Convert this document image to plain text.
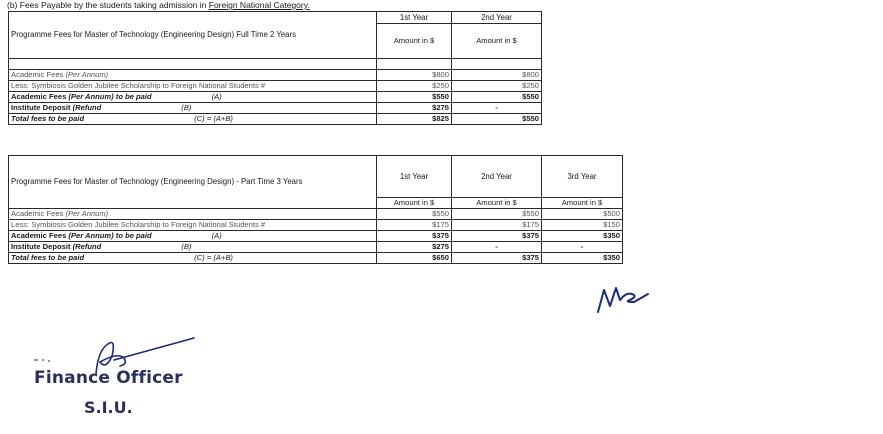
(b) Fees Payable by the students taking admission in Foreign National Category.
Programme Fees for Master of Technology (Engineering Design) Full Time 2 Years	1st Year	2nd Year
	Amount in $	Amount in $

Academic Fees (Per Annum)	$800	$800
Less: Symbiosis Golden Jubilee Scholarship to Foreign National Students #	$250	$250
Academic Fees (Per Annum) to be paid (A)	$550	$550
Institute Deposit (Refund (B)	$275	-
Total fees to be paid (C) = (A+B)	$825	$550
Programme Fees for Master of Technology (Engineering Design) - Part Time 3 Years	1st Year	2nd Year	3rd Year
	Amount in $	Amount in $	Amount in $
Academic Fees (Per Annum)	$550	$550	$500
Less: Symbiosis Golden Jubilee Scholarship to Foreign National Students #	$175	$175	$150
Academic Fees (Per Annum) to be paid (A)	$375	$375	$350
Institute Deposit (Refund (B)	$275	-	-
Total fees to be paid (C) = (A+B)	$650	$375	$350
Finance Officer
S.I.U.
